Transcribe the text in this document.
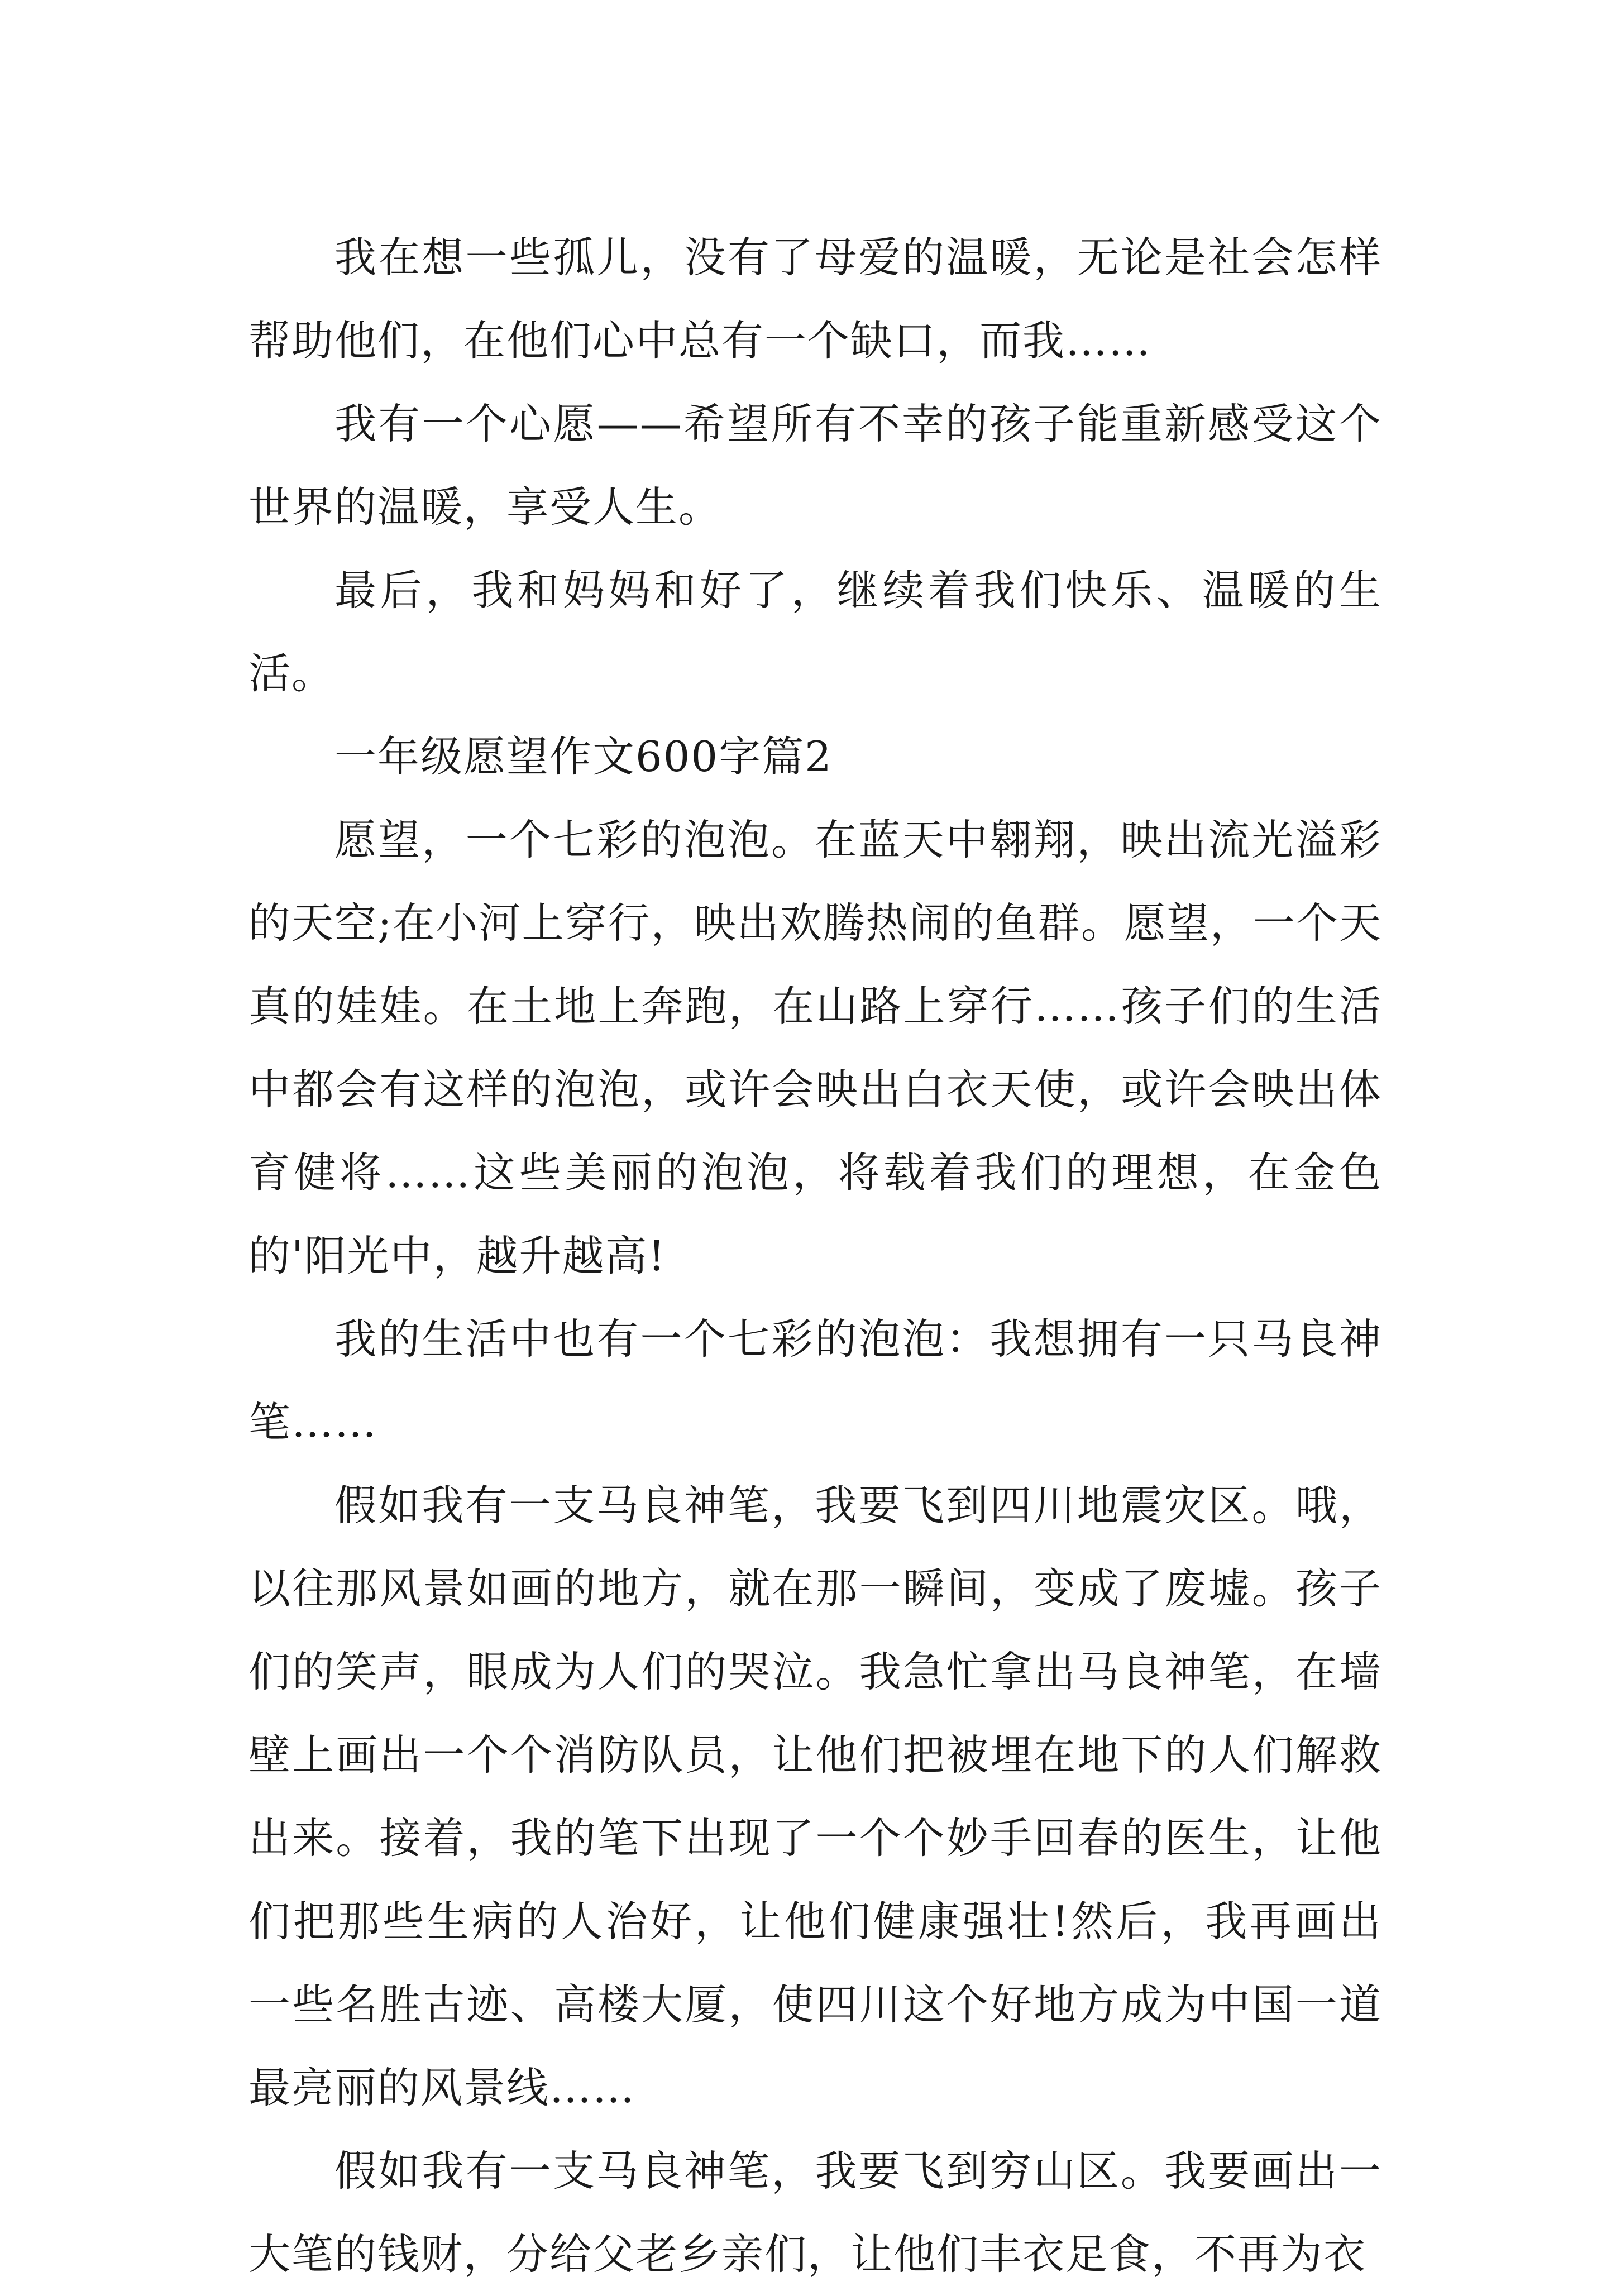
我在想一些孤儿，没有了母爱的温暖，无论是社会怎样帮助他们，在他们心中总有一个缺口，而我……

我有一个心愿——希望所有不幸的孩子能重新感受这个世界的温暖，享受人生。

最后，我和妈妈和好了，继续着我们快乐、温暖的生活。

一年级愿望作文600字篇2

愿望，一个七彩的泡泡。在蓝天中翱翔，映出流光溢彩的天空;在小河上穿行，映出欢腾热闹的鱼群。愿望，一个天真的娃娃。在土地上奔跑，在山路上穿行……孩子们的生活中都会有这样的泡泡，或许会映出白衣天使，或许会映出体育健将……这些美丽的泡泡，将载着我们的理想，在金色的'阳光中，越升越高!

我的生活中也有一个七彩的泡泡：我想拥有一只马良神笔……

假如我有一支马良神笔，我要飞到四川地震灾区。哦，以往那风景如画的地方，就在那一瞬间，变成了废墟。孩子们的笑声，眼成为人们的哭泣。我急忙拿出马良神笔，在墙壁上画出一个个消防队员，让他们把被埋在地下的人们解救出来。接着，我的笔下出现了一个个妙手回春的医生，让他们把那些生病的人治好，让他们健康强壮!然后，我再画出一些名胜古迹、高楼大厦，使四川这个好地方成为中国一道最亮丽的风景线……

假如我有一支马良神笔，我要飞到穷山区。我要画出一大笔的钱财，分给父老乡亲们，让他们丰衣足食，不再为衣
